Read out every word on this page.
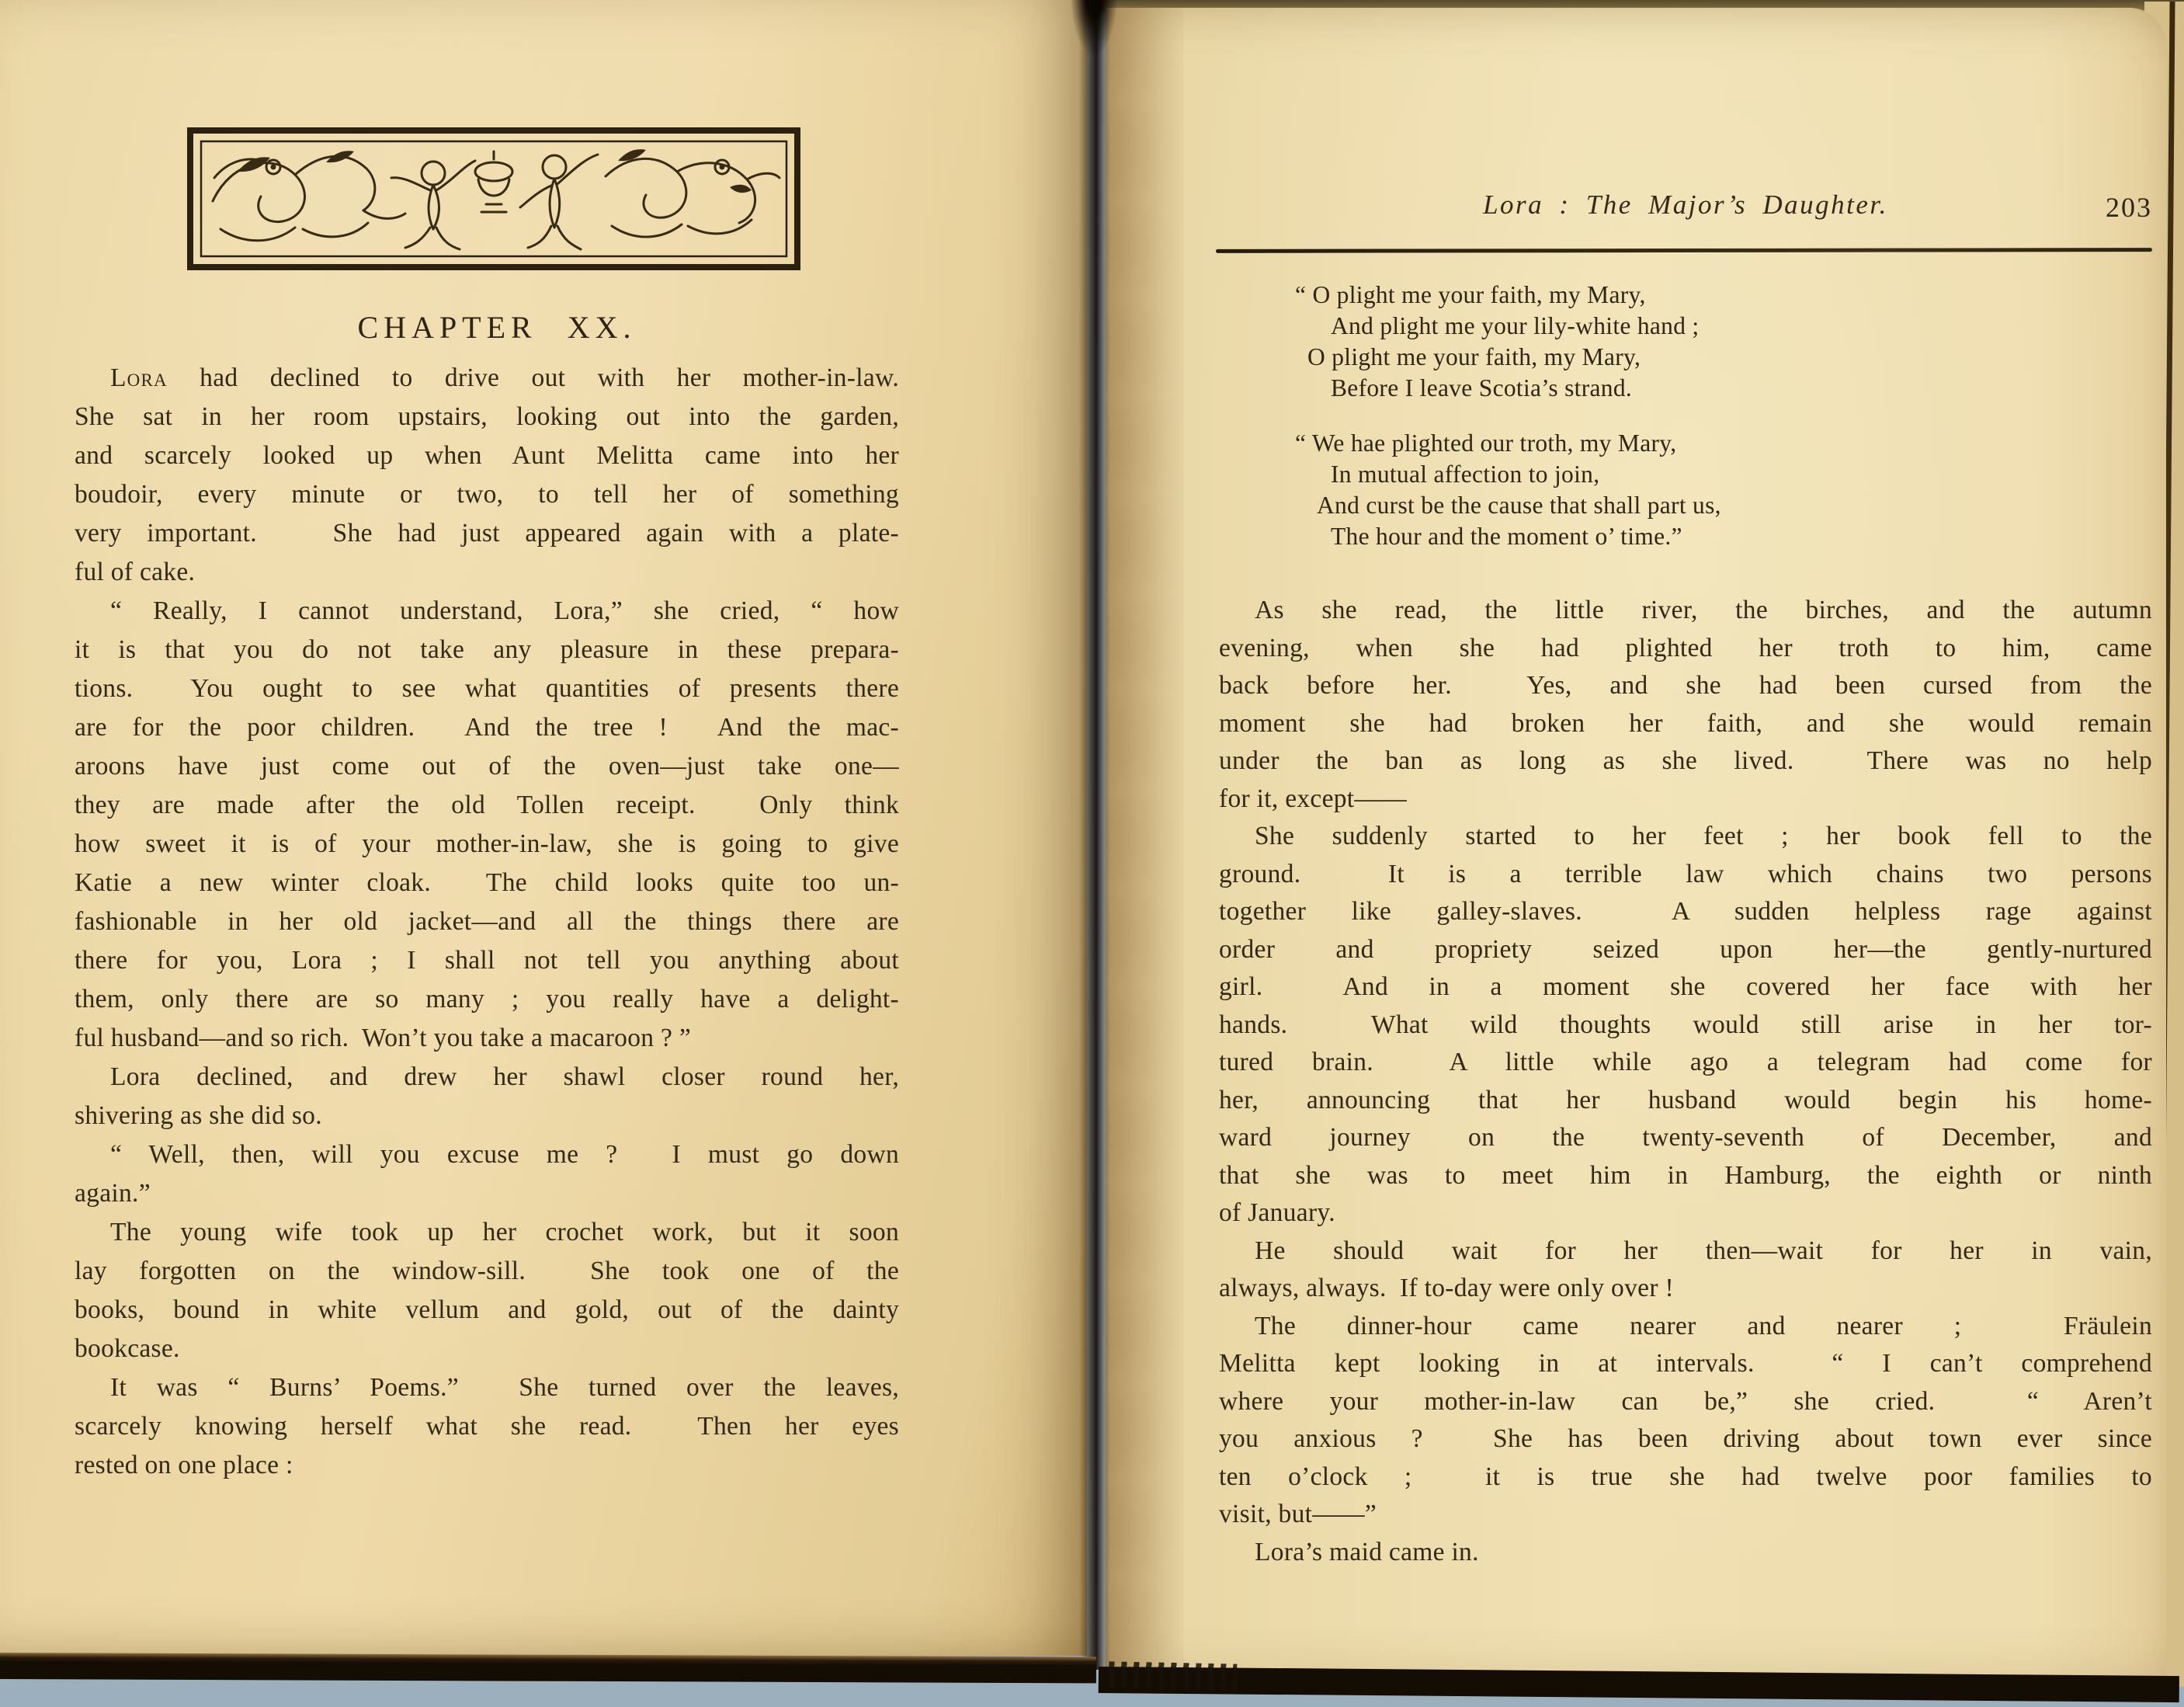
CHAPTER XX.
Lora had declined to drive out with her mother-in-law.
She sat in her room upstairs, looking out into the garden,
and scarcely looked up when Aunt Melitta came into her
boudoir, every minute or two, to tell her of something
very important.   She had just appeared again with a plate-
ful of cake.
“ Really, I cannot understand, Lora,” she cried, “ how
it is that you do not take any pleasure in these prepara-
tions.  You ought to see what quantities of presents there
are for the poor children.  And the tree !  And the mac-
aroons have just come out of the oven—just take one—
they are made after the old Tollen receipt.  Only think
how sweet it is of your mother-in-law, she is going to give
Katie a new winter cloak.  The child looks quite too un-
fashionable in her old jacket—and all the things there are
there for you, Lora ; I shall not tell you anything about
them, only there are so many ; you really have a delight-
ful husband—and so rich.  Won’t you take a macaroon ? ”
Lora declined, and drew her shawl closer round her,
shivering as she did so.
“ Well, then, will you excuse me ?  I must go down
again.”
The young wife took up her crochet work, but it soon
lay forgotten on the window-sill.  She took one of the
books, bound in white vellum and gold, out of the dainty
bookcase.
It was “ Burns’ Poems.”  She turned over the leaves,
scarcely knowing herself what she read.  Then her eyes
rested on one place :
Lora : The Major’s Daughter.	203
“ O plight me your faith, my Mary,
And plight me your lily-white hand ;
O plight me your faith, my Mary,
Before I leave Scotia’s strand.
“ We hae plighted our troth, my Mary,
In mutual affection to join,
And curst be the cause that shall part us,
The hour and the moment o’ time.”
As she read, the little river, the birches, and the autumn
evening, when she had plighted her troth to him, came
back before her.  Yes, and she had been cursed from the
moment she had broken her faith, and she would remain
under the ban as long as she lived.  There was no help
for it, except——
She suddenly started to her feet ; her book fell to the
ground.  It is a terrible law which chains two persons
together like galley-slaves.  A sudden helpless rage against
order and propriety seized upon her—the gently-nurtured
girl.  And in a moment she covered her face with her
hands.  What wild thoughts would still arise in her tor-
tured brain.  A little while ago a telegram had come for
her, announcing that her husband would begin his home-
ward journey on the twenty-seventh of December, and
that she was to meet him in Hamburg, the eighth or ninth
of January.
He should wait for her then—wait for her in vain,
always, always.  If to-day were only over !
The dinner-hour came nearer and nearer ;  Fräulein
Melitta kept looking in at intervals.  “ I can’t comprehend
where your mother-in-law can be,” she cried.  “ Aren’t
you anxious ?  She has been driving about town ever since
ten o’clock ;  it is true she had twelve poor families to
visit, but——”
Lora’s maid came in.
